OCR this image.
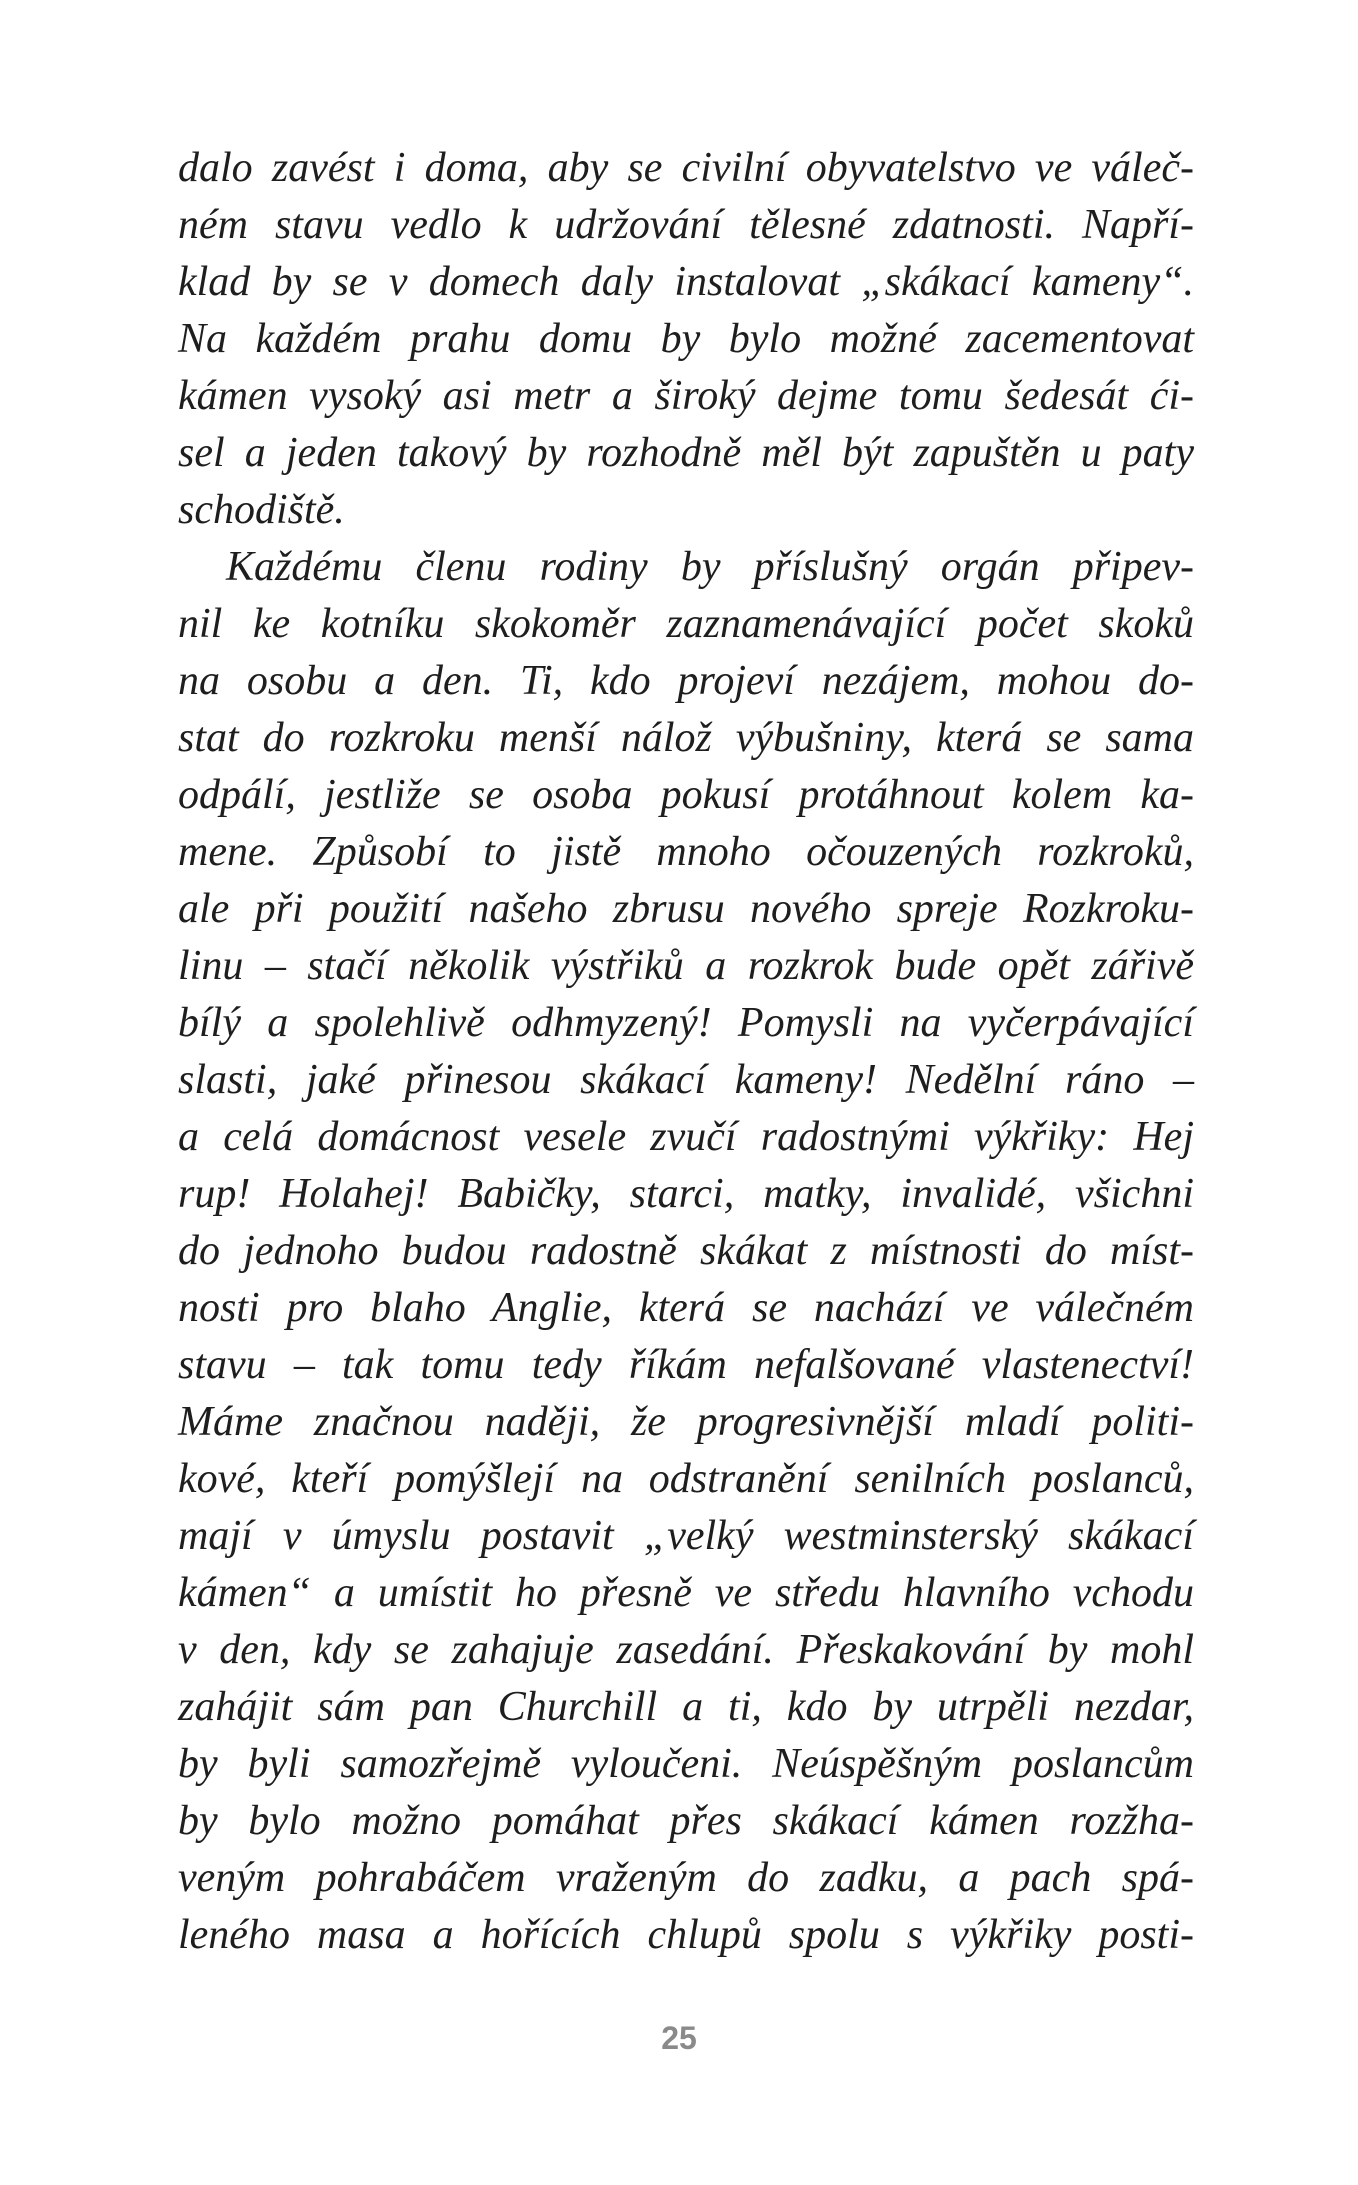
dalo zavést i doma, aby se civilní obyvatelstvo ve váleč-
ném stavu vedlo k udržování tělesné zdatnosti. Napří-
klad by se v domech daly instalovat „skákací kameny“.
Na každém prahu domu by bylo možné zacementovat
kámen vysoký asi metr a široký dejme tomu šedesát ći-
sel a jeden takový by rozhodně měl být zapuštěn u paty
schodiště.
Každému členu rodiny by příslušný orgán připev-
nil ke kotníku skokoměr zaznamenávající počet skoků
na osobu a den. Ti, kdo projeví nezájem, mohou do-
stat do rozkroku menší nálož výbušniny, která se sama
odpálí, jestliže se osoba pokusí protáhnout kolem ka-
mene. Způsobí to jistě mnoho očouzených rozkroků,
ale při použití našeho zbrusu nového spreje Rozkroku-
linu – stačí několik výstřiků a rozkrok bude opět zářivě
bílý a spolehlivě odhmyzený! Pomysli na vyčerpávající
slasti, jaké přinesou skákací kameny! Nedělní ráno –
a celá domácnost vesele zvučí radostnými výkřiky: Hej
rup! Holahej! Babičky, starci, matky, invalidé, všichni
do jednoho budou radostně skákat z místnosti do míst-
nosti pro blaho Anglie, která se nachází ve válečném
stavu – tak tomu tedy říkám nefalšované vlastenectví!
Máme značnou naději, že progresivnější mladí politi-
kové, kteří pomýšlejí na odstranění senilních poslanců,
mají v úmyslu postavit „velký westminsterský skákací
kámen“ a umístit ho přesně ve středu hlavního vchodu
v den, kdy se zahajuje zasedání. Přeskakování by mohl
zahájit sám pan Churchill a ti, kdo by utrpěli nezdar,
by byli samozřejmě vyloučeni. Neúspěšným poslancům
by bylo možno pomáhat přes skákací kámen rozžha-
veným pohrabáčem vraženým do zadku, a pach spá-
leného masa a hořících chlupů spolu s výkřiky posti-
25
